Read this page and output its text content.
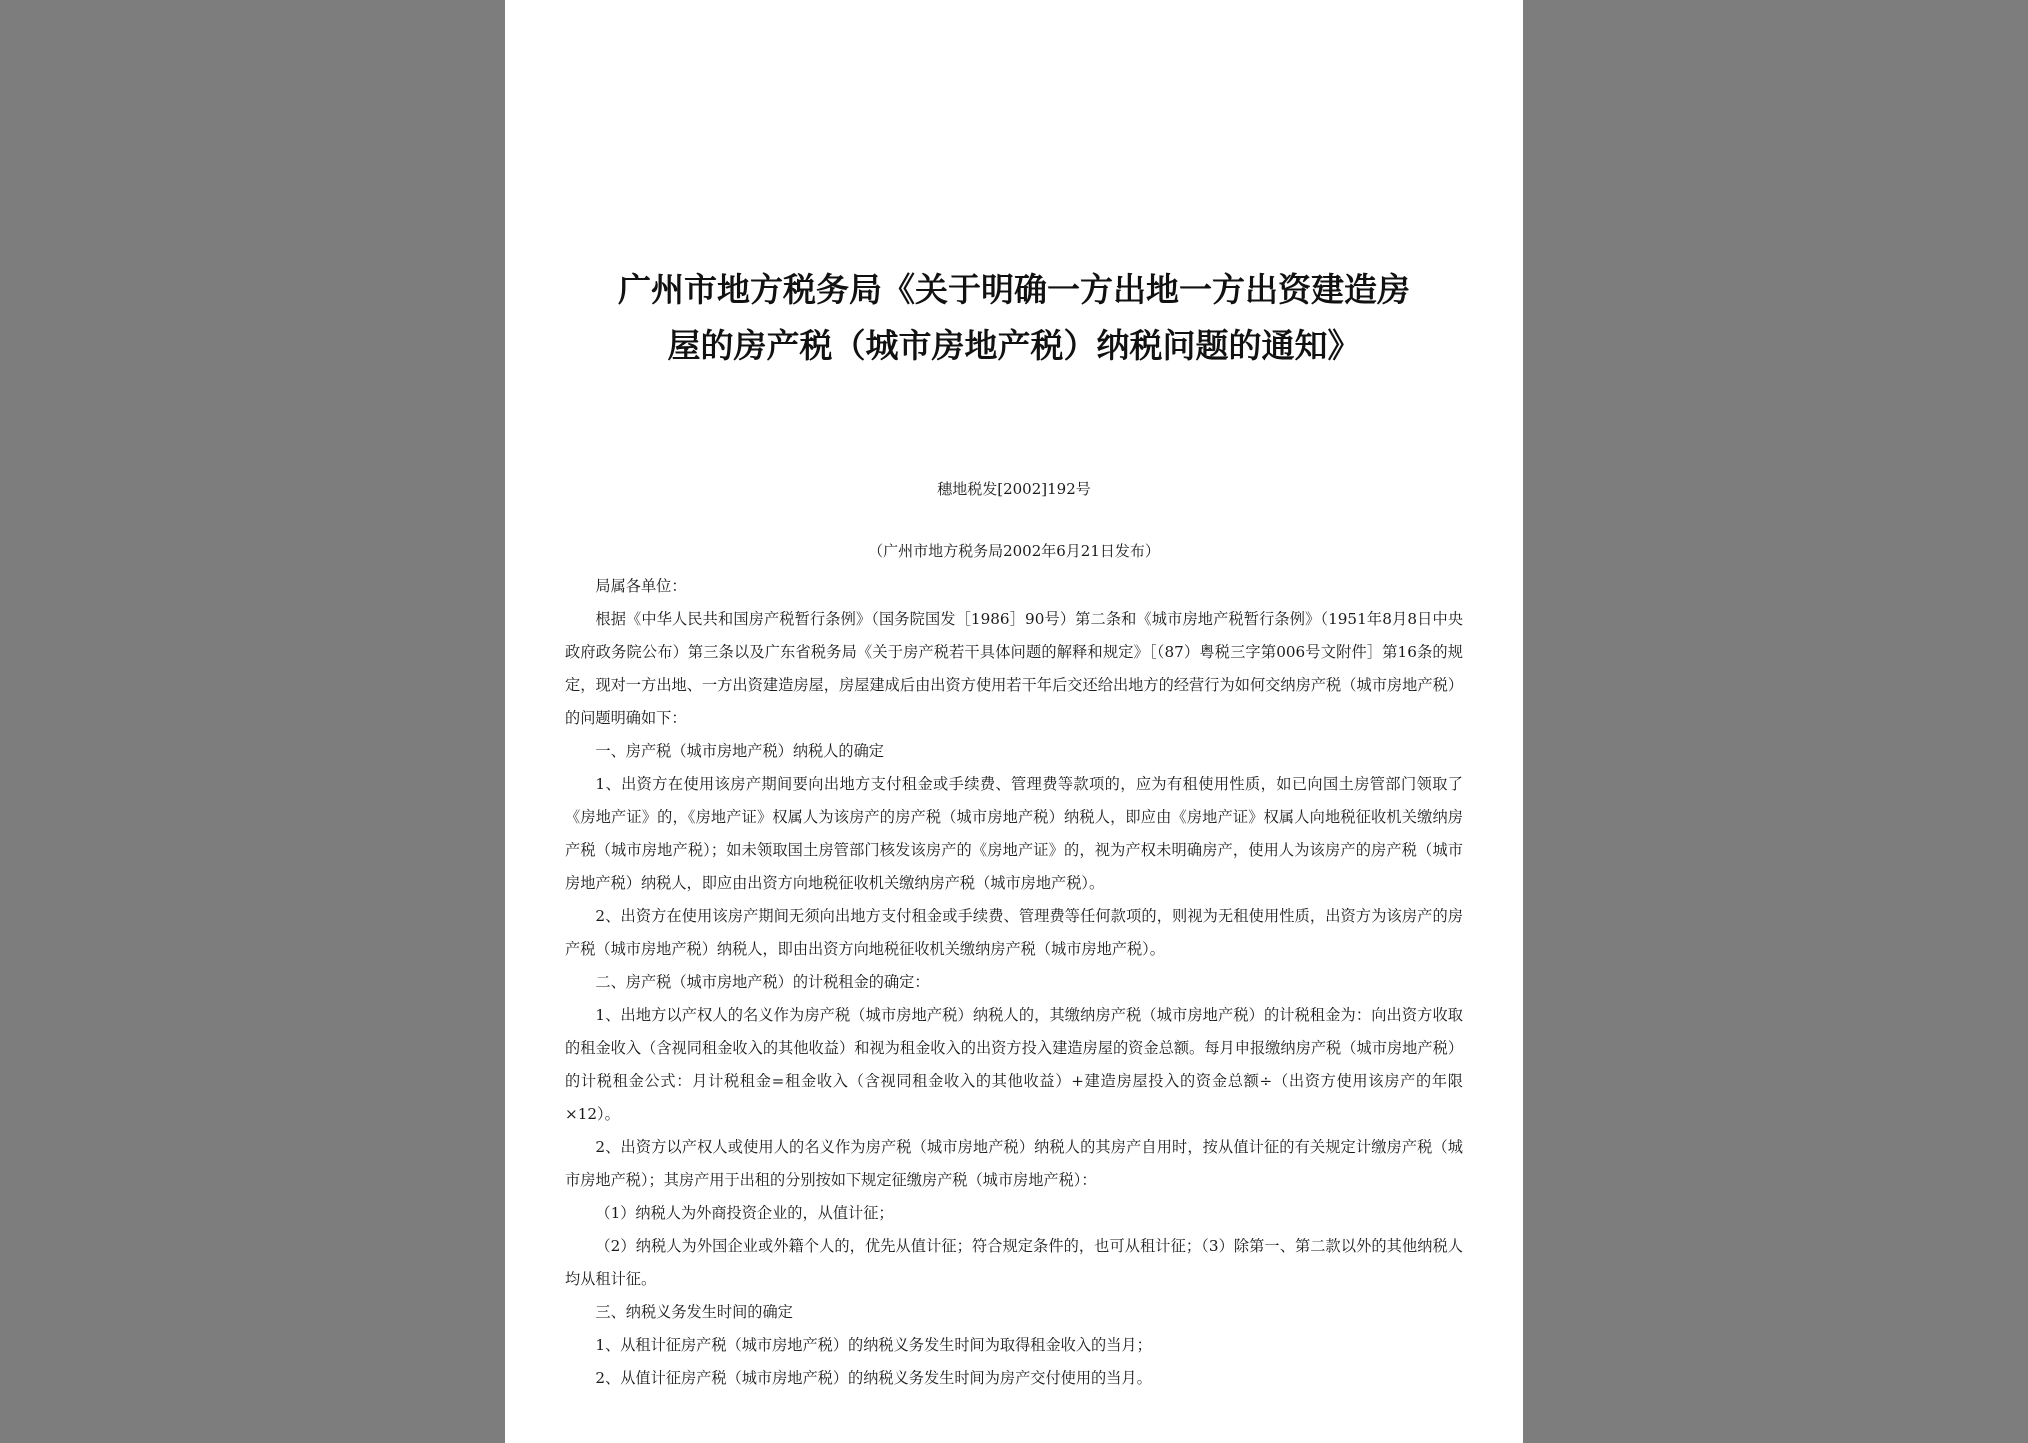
广州市地方税务局《关于明确一方出地一方出资建造房
屋的房产税（城市房地产税）纳税问题的通知》
穗地税发[2002]192号
（广州市地方税务局2002年6月21日发布）

局属各单位：

根据《中华人民共和国房产税暂行条例》（国务院国发［1986］90号）第二条和《城市房地产税暂行条例》（1951年8月8日中央政府政务院公布）第三条以及广东省税务局《关于房产税若干具体问题的解释和规定》［（87）粤税三字第006号文附件］第16条的规定，现对一方出地、一方出资建造房屋，房屋建成后由出资方使用若干年后交还给出地方的经营行为如何交纳房产税（城市房地产税）的问题明确如下：

一、房产税（城市房地产税）纳税人的确定

1、出资方在使用该房产期间要向出地方支付租金或手续费、管理费等款项的，应为有租使用性质，如已向国土房管部门领取了《房地产证》的，《房地产证》权属人为该房产的房产税（城市房地产税）纳税人，即应由《房地产证》权属人向地税征收机关缴纳房产税（城市房地产税）；如未领取国土房管部门核发该房产的《房地产证》的，视为产权未明确房产，使用人为该房产的房产税（城市房地产税）纳税人，即应由出资方向地税征收机关缴纳房产税（城市房地产税）。

2、出资方在使用该房产期间无须向出地方支付租金或手续费、管理费等任何款项的，则视为无租使用性质，出资方为该房产的房产税（城市房地产税）纳税人，即由出资方向地税征收机关缴纳房产税（城市房地产税）。

二、房产税（城市房地产税）的计税租金的确定：

1、出地方以产权人的名义作为房产税（城市房地产税）纳税人的，其缴纳房产税（城市房地产税）的计税租金为：向出资方收取的租金收入（含视同租金收入的其他收益）和视为租金收入的出资方投入建造房屋的资金总额。每月申报缴纳房产税（城市房地产税）的计税租金公式：月计税租金=租金收入（含视同租金收入的其他收益）+建造房屋投入的资金总额÷（出资方使用该房产的年限×12）。

2、出资方以产权人或使用人的名义作为房产税（城市房地产税）纳税人的其房产自用时，按从值计征的有关规定计缴房产税（城市房地产税）；其房产用于出租的分别按如下规定征缴房产税（城市房地产税）：

（1）纳税人为外商投资企业的，从值计征；

（2）纳税人为外国企业或外籍个人的，优先从值计征；符合规定条件的，也可从租计征；（3）除第一、第二款以外的其他纳税人均从租计征。

三、纳税义务发生时间的确定

1、从租计征房产税（城市房地产税）的纳税义务发生时间为取得租金收入的当月；

2、从值计征房产税（城市房地产税）的纳税义务发生时间为房产交付使用的当月。
